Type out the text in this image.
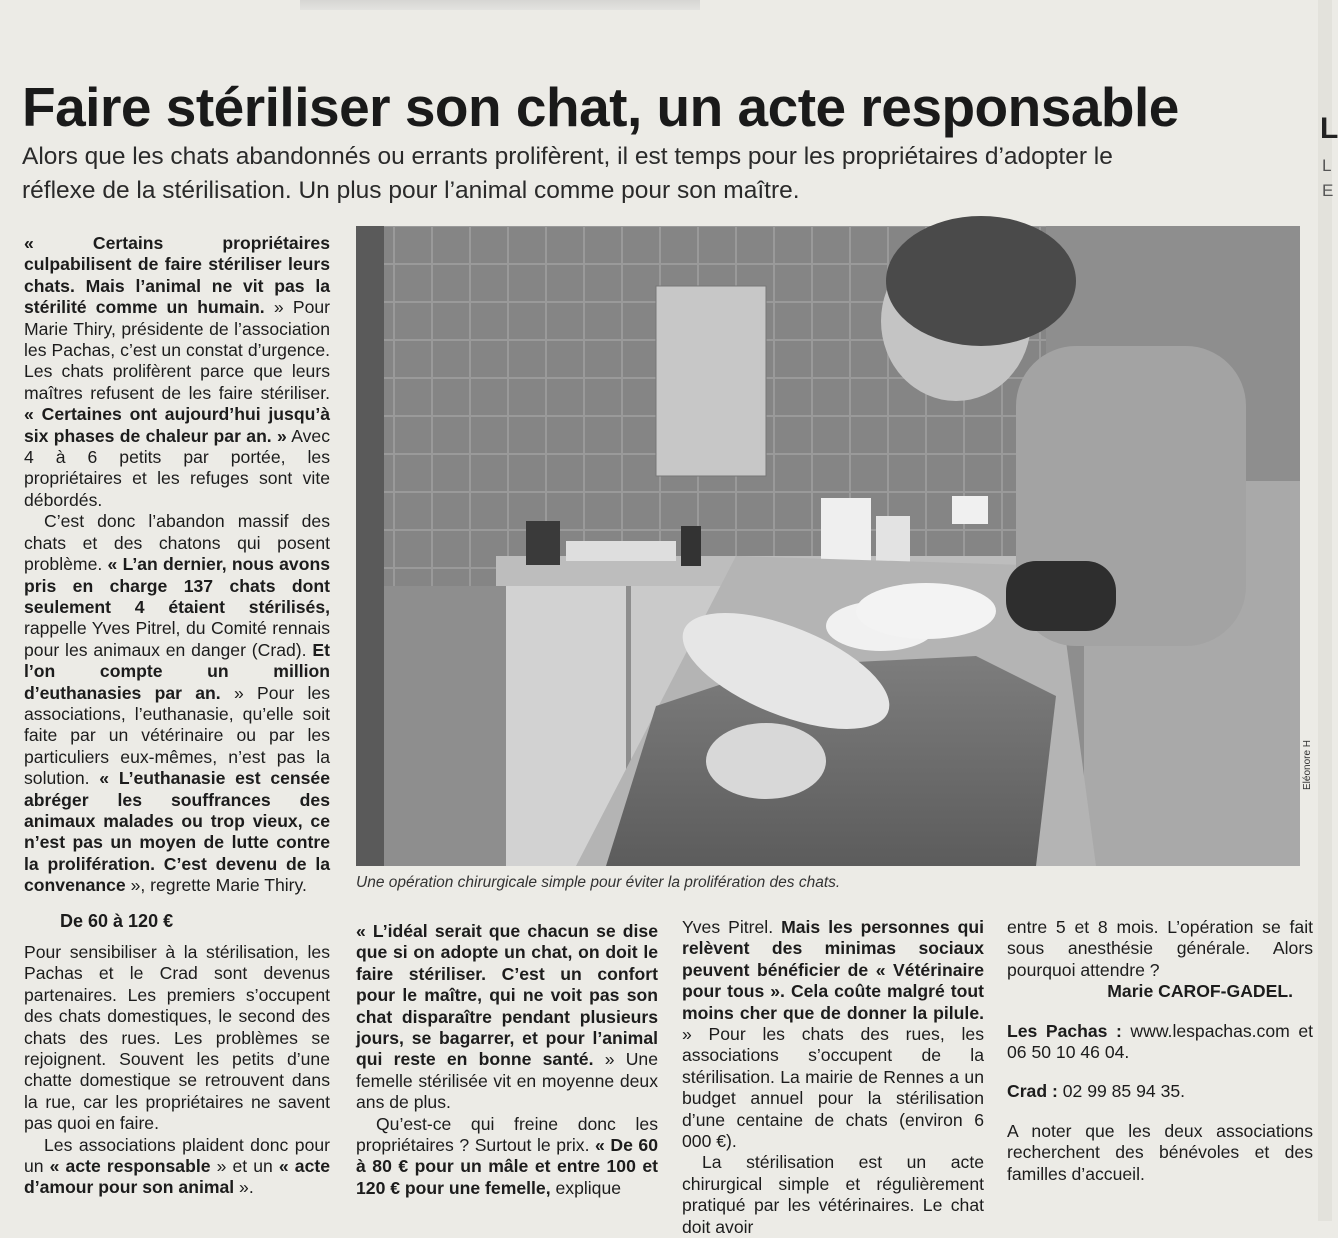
L
L
E
Faire stériliser son chat, un acte responsable
Alors que les chats abandonnés ou errants prolifèrent, il est temps pour les propriétaires d’adopter le réflexe de la stérilisation. Un plus pour l’animal comme pour son maître.

« Certains propriétaires culpabilisent de faire stériliser leurs chats. Mais l’animal ne vit pas la stérilité comme un humain. » Pour Marie Thiry, présidente de l’association les Pachas, c’est un constat d’urgence. Les chats prolifèrent parce que leurs maîtres refusent de les faire stériliser. « Certaines ont aujourd’hui jusqu’à six phases de chaleur par an. » Avec 4 à 6 petits par portée, les propriétaires et les refuges sont vite débordés.

C’est donc l’abandon massif des chats et des chatons qui posent problème. « L’an dernier, nous avons pris en charge 137 chats dont seulement 4 étaient stérilisés, rappelle Yves Pitrel, du Comité rennais pour les animaux en danger (Crad). Et l’on compte un million d’euthanasies par an. » Pour les associations, l’euthanasie, qu’elle soit faite par un vétérinaire ou par les particuliers eux-mêmes, n’est pas la solution. « L’euthanasie est censée abréger les souffrances des animaux malades ou trop vieux, ce n’est pas un moyen de lutte contre la prolifération. C’est devenu de la convenance », regrette Marie Thiry.

De 60 à 120 €

Pour sensibiliser à la stérilisation, les Pachas et le Crad sont devenus partenaires. Les premiers s’occupent des chats domestiques, le second des chats des rues. Les problèmes se rejoignent. Souvent les petits d’une chatte domestique se retrouvent dans la rue, car les propriétaires ne savent pas quoi en faire.

Les associations plaident donc pour un « acte responsable » et un « acte d’amour pour son animal ».

Eléonore H
Une opération chirurgicale simple pour éviter la prolifération des chats.

« L’idéal serait que chacun se dise que si on adopte un chat, on doit le faire stériliser. C’est un confort pour le maître, qui ne voit pas son chat disparaître pendant plusieurs jours, se bagarrer, et pour l’animal qui reste en bonne santé. » Une femelle stérilisée vit en moyenne deux ans de plus.

Qu’est-ce qui freine donc les propriétaires ? Surtout le prix. « De 60 à 80 € pour un mâle et entre 100 et 120 € pour une femelle, explique

Yves Pitrel. Mais les personnes qui relèvent des minimas sociaux peuvent bénéficier de « Vétérinaire pour tous ». Cela coûte malgré tout moins cher que de donner la pilule. » Pour les chats des rues, les associations s’occupent de la stérilisation. La mairie de Rennes a un budget annuel pour la stérilisation d’une centaine de chats (environ 6 000 €).

La stérilisation est un acte chirurgical simple et régulièrement pratiqué par les vétérinaires. Le chat doit avoir

entre 5 et 8 mois. L’opération se fait sous anesthésie générale. Alors pourquoi attendre ?

Marie CAROF-GADEL.

Les Pachas : www.lespachas.com et 06 50 10 46 04.

Crad : 02 99 85 94 35.

A noter que les deux associations recherchent des bénévoles et des familles d’accueil.
